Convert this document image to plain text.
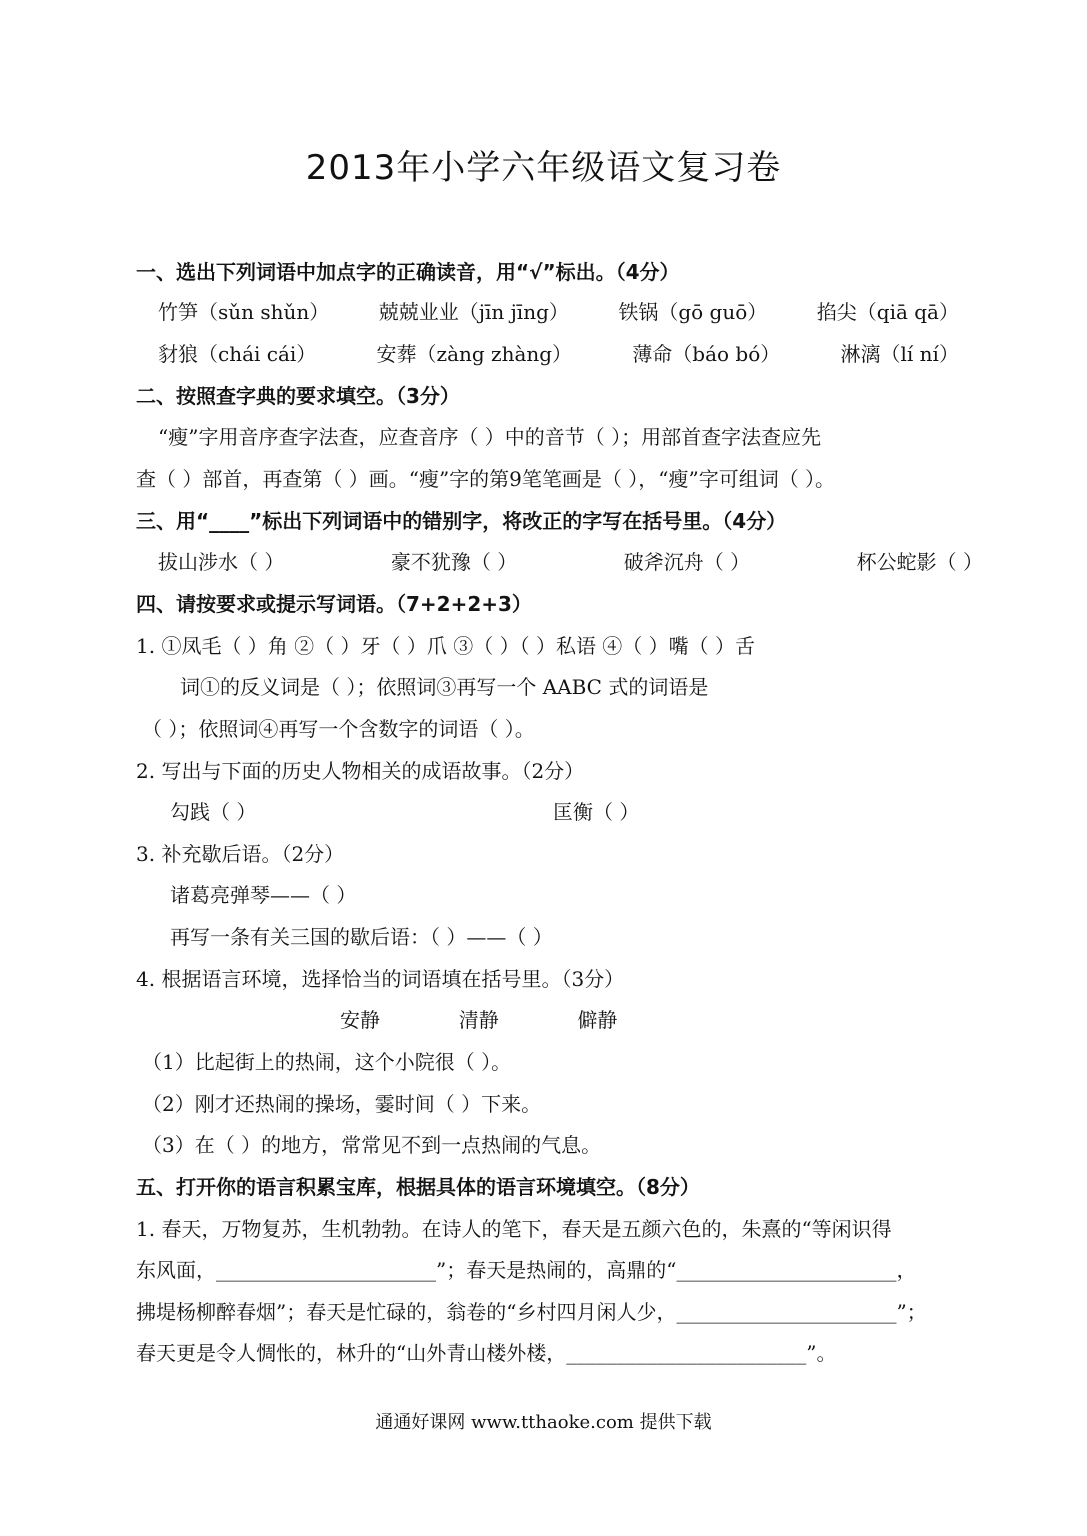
2013年小学六年级语文复习卷
一、选出下列词语中加点字的正确读音，用“√”标出。（4分）
竹笋（sǔn shǔn） 兢兢业业（jīn jīng） 铁锅（gō guō） 掐尖（qiā qā）
豺狼（chái cái）	安葬（zàng zhàng）	薄命（báo bó）	淋漓（lí ní）
二、按照查字典的要求填空。（3分）
“瘦”字用音序查字法查，应查音序（ ）中的音节（ ）；用部首查字法查应先
查（ ）部首，再查第（ ）画。“瘦”字的第9笔笔画是（ ），“瘦”字可组词（ ）。
三、用“____”标出下列词语中的错别字，将改正的字写在括号里。（4分）
拔山涉水（ ）	豪不犹豫（ ）	破斧沉舟（ ）	杯公蛇影（ ）
四、请按要求或提示写词语。（7+2+2+3）
1. ①凤毛（ ）角 ②（ ）牙（ ）爪 ③（ ）（ ）私语 ④（ ）嘴（ ）舌
词①的反义词是（ ）；依照词③再写一个 AABC 式的词语是
（ ）；依照词④再写一个含数字的词语（ ）。
2. 写出与下面的历史人物相关的成语故事。（2分）
勾践（ ）	匡衡（ ）
3. 补充歇后语。（2分）
诸葛亮弹琴——（ ）
再写一条有关三国的歇后语：（ ）——（ ）
4. 根据语言环境，选择恰当的词语填在括号里。（3分）
安静	清静	僻静
（1）比起街上的热闹，这个小院很（ ）。
（2）刚才还热闹的操场，霎时间（ ）下来。
（3）在（ ）的地方，常常见不到一点热闹的气息。
五、打开你的语言积累宝库，根据具体的语言环境填空。（8分）
1. 春天，万物复苏，生机勃勃。在诗人的笔下，春天是五颜六色的，朱熹的“等闲识得
东风面，______________________”；春天是热闹的，高鼎的“______________________，
拂堤杨柳醉春烟”；春天是忙碌的，翁卷的“乡村四月闲人少，______________________”；
春天更是令人惆怅的，林升的“山外青山楼外楼，________________________”。
通通好课网 www.tthaoke.com 提供下载
